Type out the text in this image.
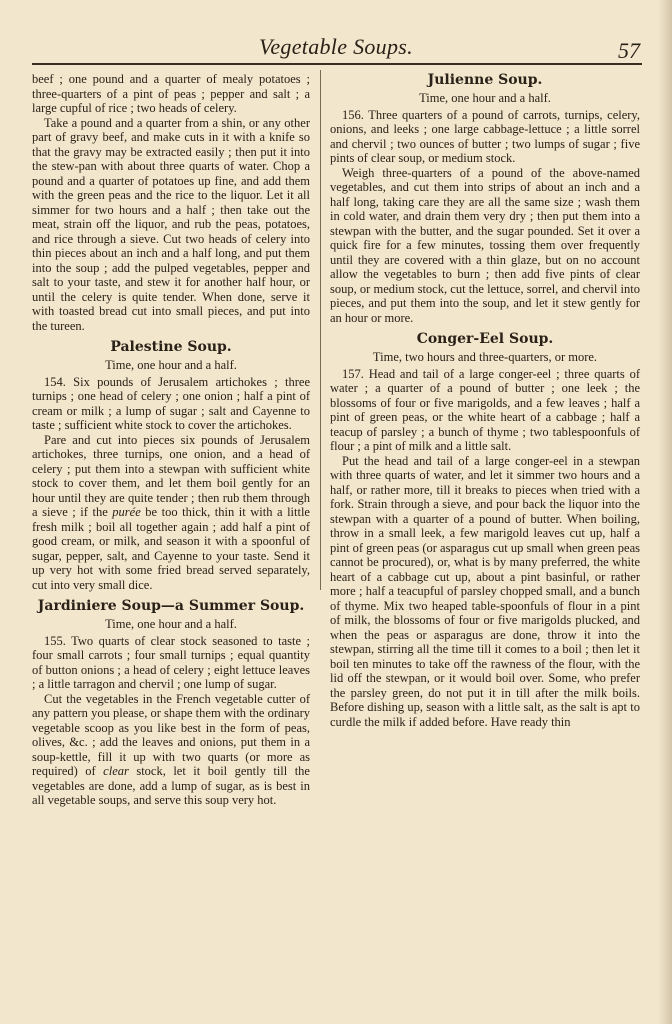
Vegetable Soups.	57

beef ; one pound and a quarter of mealy potatoes ; three-quarters of a pint of peas ; pepper and salt ; a large cupful of rice ; two heads of celery.

Take a pound and a quarter from a shin, or any other part of gravy beef, and make cuts in it with a knife so that the gravy may be extracted easily ; then put it into the stew-pan with about three quarts of water. Chop a pound and a quarter of potatoes up fine, and add them with the green peas and the rice to the liquor. Let it all simmer for two hours and a half ; then take out the meat, strain off the liquor, and rub the peas, potatoes, and rice through a sieve. Cut two heads of celery into thin pieces about an inch and a half long, and put them into the soup ; add the pulped vegetables, pepper and salt to your taste, and stew it for another half hour, or until the celery is quite tender. When done, serve it with toasted bread cut into small pieces, and put into the tureen.

Palestine Soup.

Time, one hour and a half.

154. Six pounds of Jerusalem artichokes ; three turnips ; one head of celery ; one onion ; half a pint of cream or milk ; a lump of sugar ; salt and Cayenne to taste ; sufficient white stock to cover the artichokes.

Pare and cut into pieces six pounds of Jerusalem artichokes, three turnips, one onion, and a head of celery ; put them into a stewpan with sufficient white stock to cover them, and let them boil gently for an hour until they are quite tender ; then rub them through a sieve ; if the purée be too thick, thin it with a little fresh milk ; boil all together again ; add half a pint of good cream, or milk, and season it with a spoonful of sugar, pepper, salt, and Cayenne to your taste. Send it up very hot with some fried bread served separately, cut into very small dice.

Jardiniere Soup—a Summer Soup.

Time, one hour and a half.

155. Two quarts of clear stock seasoned to taste ; four small carrots ; four small turnips ; equal quantity of button onions ; a head of celery ; eight lettuce leaves ; a little tarragon and chervil ; one lump of sugar.

Cut the vegetables in the French vegetable cutter of any pattern you please, or shape them with the ordinary vegetable scoop as you like best in the form of peas, olives, &c. ; add the leaves and onions, put them in a soup-kettle, fill it up with two quarts (or more as required) of clear stock, let it boil gently till the vegetables are done, add a lump of sugar, as is best in all vegetable soups, and serve this soup very hot.

Julienne Soup.

Time, one hour and a half.

156. Three quarters of a pound of carrots, turnips, celery, onions, and leeks ; one large cabbage-lettuce ; a little sorrel and chervil ; two ounces of butter ; two lumps of sugar ; five pints of clear soup, or medium stock.

Weigh three-quarters of a pound of the above-named vegetables, and cut them into strips of about an inch and a half long, taking care they are all the same size ; wash them in cold water, and drain them very dry ; then put them into a stewpan with the butter, and the sugar pounded. Set it over a quick fire for a few minutes, tossing them over frequently until they are covered with a thin glaze, but on no account allow the vegetables to burn ; then add five pints of clear soup, or medium stock, cut the lettuce, sorrel, and chervil into pieces, and put them into the soup, and let it stew gently for an hour or more.

Conger-Eel Soup.

Time, two hours and three-quarters, or more.

157. Head and tail of a large conger-eel ; three quarts of water ; a quarter of a pound of butter ; one leek ; the blossoms of four or five marigolds, and a few leaves ; half a pint of green peas, or the white heart of a cabbage ; half a teacup of parsley ; a bunch of thyme ; two tablespoonfuls of flour ; a pint of milk and a little salt.

Put the head and tail of a large conger-eel in a stewpan with three quarts of water, and let it simmer two hours and a half, or rather more, till it breaks to pieces when tried with a fork. Strain through a sieve, and pour back the liquor into the stewpan with a quarter of a pound of butter. When boiling, throw in a small leek, a few marigold leaves cut up, half a pint of green peas (or asparagus cut up small when green peas cannot be procured), or, what is by many preferred, the white heart of a cabbage cut up, about a pint basinful, or rather more ; half a teacupful of parsley chopped small, and a bunch of thyme. Mix two heaped table-spoonfuls of flour in a pint of milk, the blossoms of four or five marigolds plucked, and when the peas or asparagus are done, throw it into the stewpan, stirring all the time till it comes to a boil ; then let it boil ten minutes to take off the rawness of the flour, with the lid off the stewpan, or it would boil over. Some, who prefer the parsley green, do not put it in till after the milk boils. Before dishing up, season with a little salt, as the salt is apt to curdle the milk if added before. Have ready thin
